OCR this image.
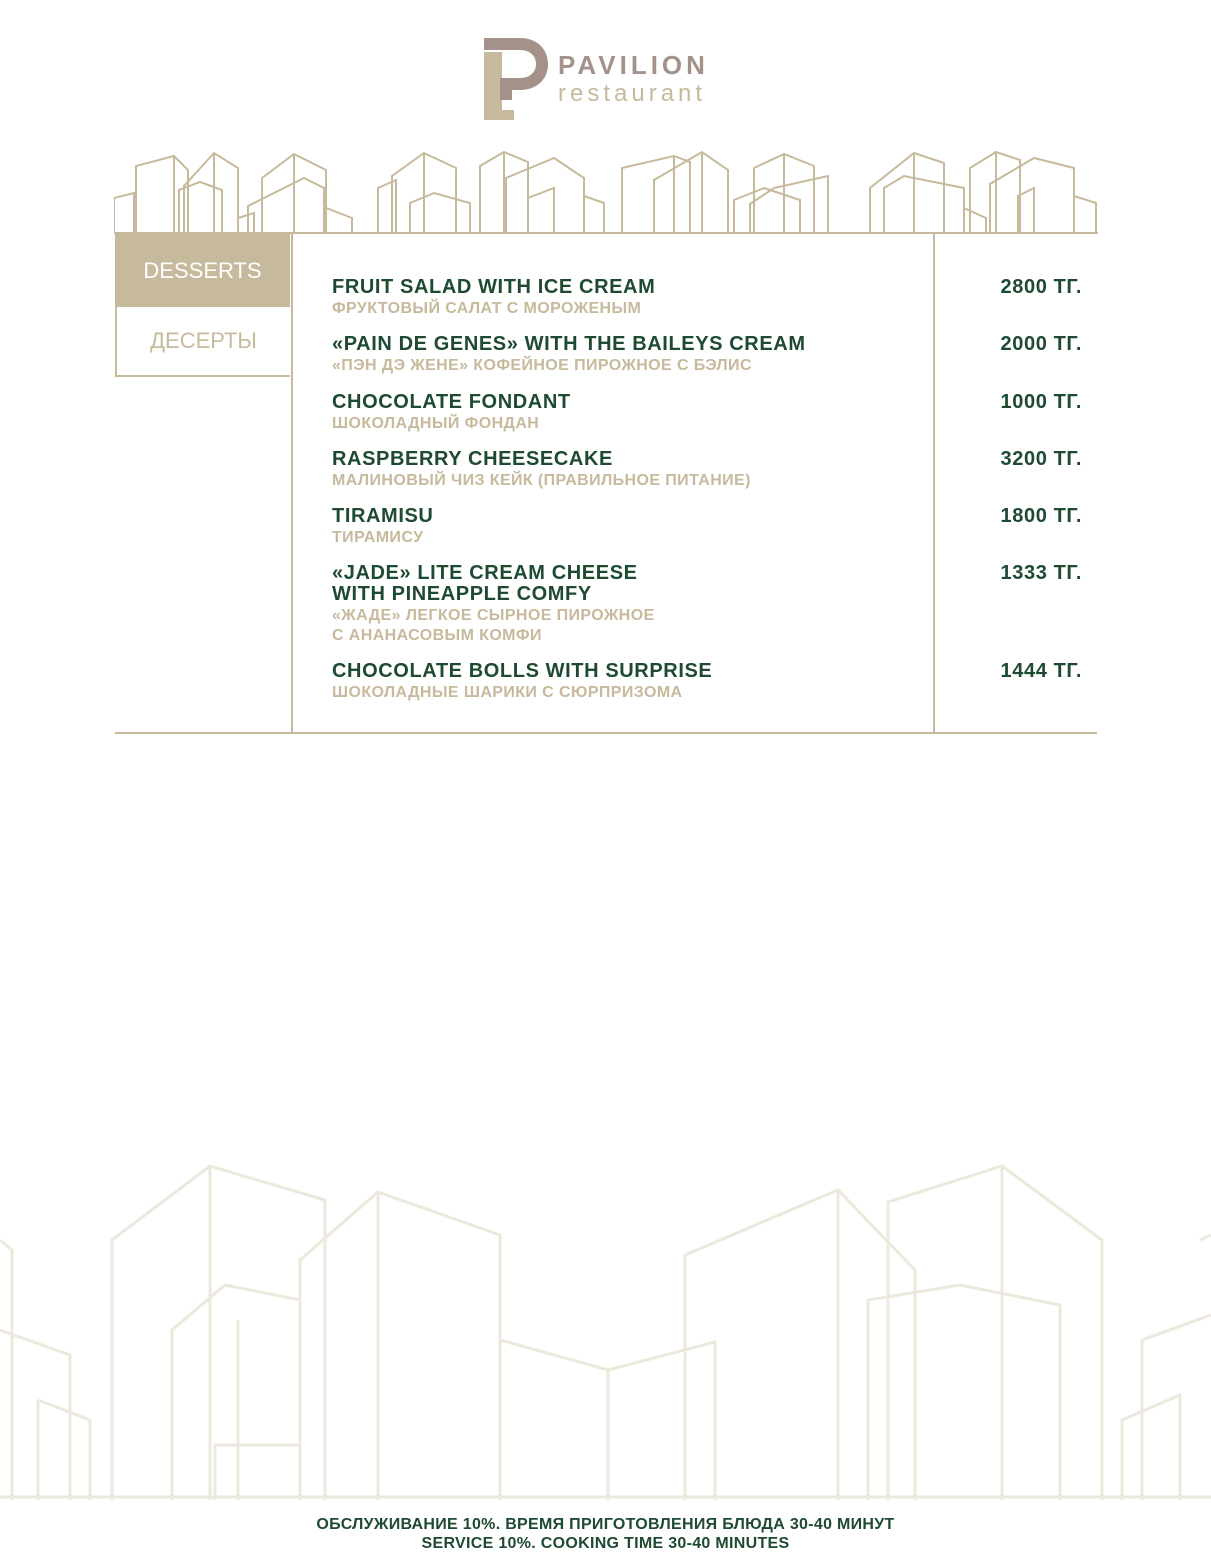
PAVILION
restaurant
DESSERTS
ДЕСЕРТЫ
FRUIT SALAD WITH ICE CREAM
ФРУКТОВЫЙ САЛАТ С МОРОЖЕНЫМ
2800 ТГ.
«PAIN DE GENES» WITH THE BAILEYS CREAM
«ПЭН ДЭ ЖЕНЕ» КОФЕЙНОЕ ПИРОЖНОЕ С БЭЛИС
2000 ТГ.
CHOCOLATE FONDANT
ШОКОЛАДНЫЙ ФОНДАН
1000 ТГ.
RASPBERRY CHEESECAKE
МАЛИНОВЫЙ ЧИЗ КЕЙК (ПРАВИЛЬНОЕ ПИТАНИЕ)
3200 ТГ.
TIRAMISU
ТИРАМИСУ
1800 ТГ.
«JADE» LITE CREAM CHEESE
WITH PINEAPPLE COMFY
«ЖАДЕ» ЛЕГКОЕ СЫРНОЕ ПИРОЖНОЕ
С АНАНАСОВЫМ КОМФИ
1333 ТГ.
CHOCOLATE BOLLS WITH SURPRISE
ШОКОЛАДНЫЕ ШАРИКИ С СЮРПРИЗОМА
1444 ТГ.
ОБСЛУЖИВАНИЕ 10%. ВРЕМЯ ПРИГОТОВЛЕНИЯ БЛЮДА 30-40 МИНУТ
SERVICE 10%. COOKING TIME 30-40 MINUTES
